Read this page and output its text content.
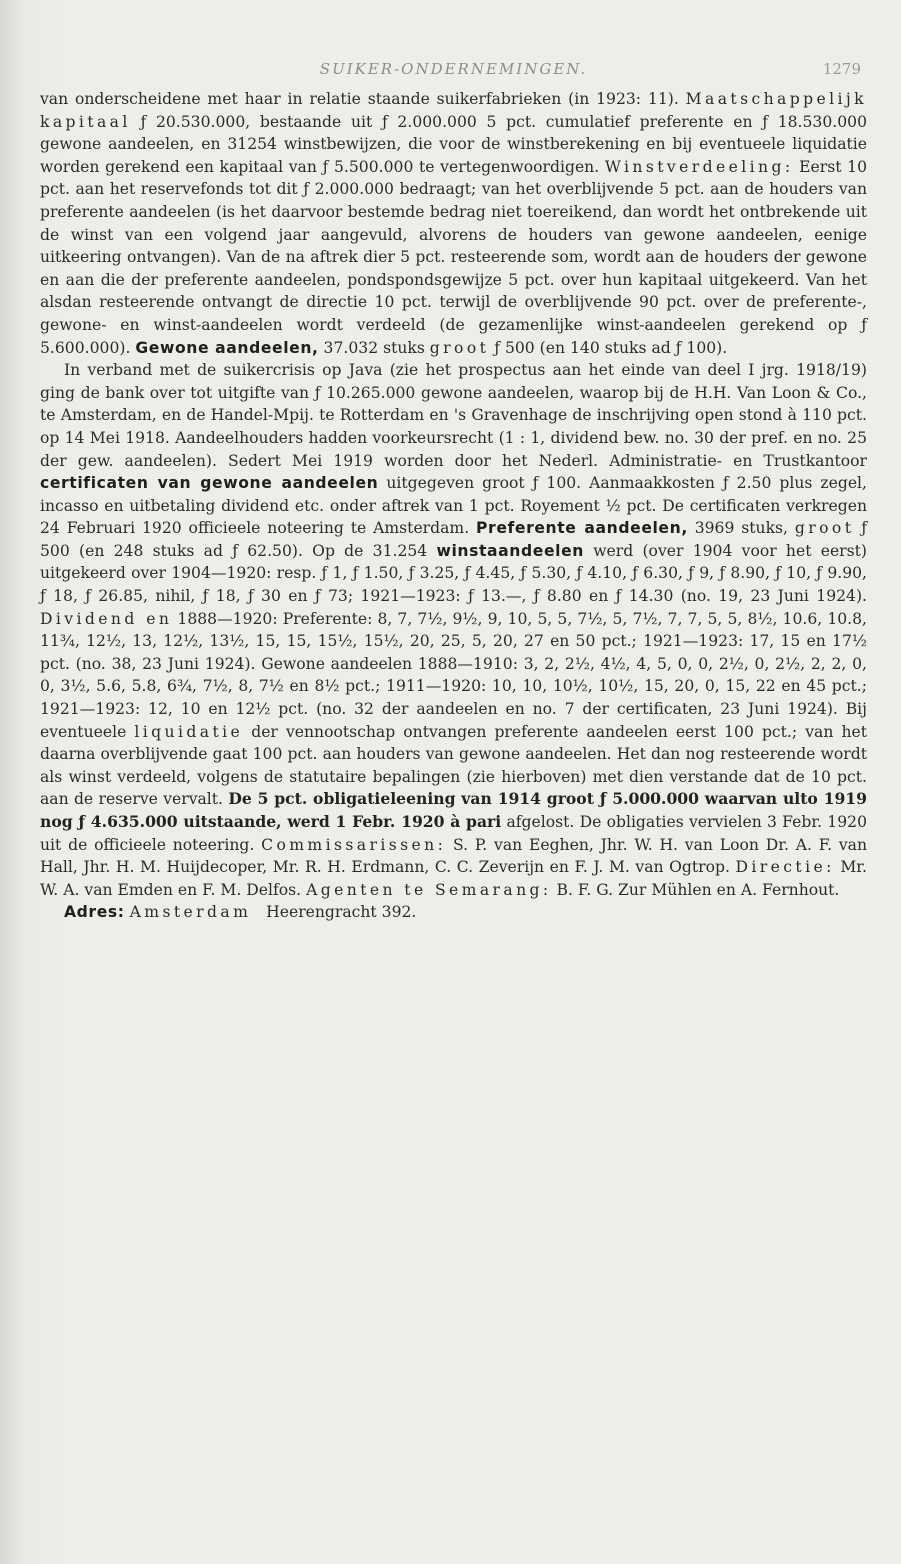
SUIKER-ONDERNEMINGEN.	1279

van onderscheidene met haar in relatie staande suikerfabrieken (in 1923: 11). Maatschappelijk kapitaal ƒ 20.530.000, bestaande uit ƒ 2.000.000 5 pct. cumulatief preferente en ƒ 18.530.000 gewone aandeelen, en 31254 winstbewijzen, die voor de winstberekening en bij eventueele liquidatie worden gerekend een kapitaal van ƒ 5.500.000 te vertegenwoordigen. Winstverdeeling: Eerst 10 pct. aan het reservefonds tot dit ƒ 2.000.000 bedraagt; van het overblijvende 5 pct. aan de houders van preferente aandeelen (is het daarvoor bestemde bedrag niet toereikend, dan wordt het ontbrekende uit de winst van een volgend jaar aangevuld, alvorens de houders van gewone aandeelen, eenige uitkeering ontvangen). Van de na aftrek dier 5 pct. resteerende som, wordt aan de houders der gewone en aan die der preferente aandeelen, pondspondsgewijze 5 pct. over hun kapitaal uitgekeerd. Van het alsdan resteerende ontvangt de directie 10 pct. terwijl de overblijvende 90 pct. over de preferente-, gewone- en winst-aandeelen wordt verdeeld (de gezamenlijke winst-aandeelen gerekend op ƒ 5.600.000). Gewone aandeelen, 37.032 stuks groot ƒ 500 (en 140 stuks ad ƒ 100).

In verband met de suikercrisis op Java (zie het prospectus aan het einde van deel I jrg. 1918/19) ging de bank over tot uitgifte van ƒ 10.265.000 gewone aandeelen, waarop bij de H.H. Van Loon & Co., te Amsterdam, en de Handel-Mpij. te Rotterdam en 's Gravenhage de inschrijving open stond à 110 pct. op 14 Mei 1918. Aandeelhouders hadden voorkeursrecht (1 : 1, dividend bew. no. 30 der pref. en no. 25 der gew. aandeelen). Sedert Mei 1919 worden door het Nederl. Administratie- en Trustkantoor certificaten van gewone aandeelen uitgegeven groot ƒ 100. Aanmaakkosten ƒ 2.50 plus zegel, incasso en uitbetaling dividend etc. onder aftrek van 1 pct. Royement ½ pct. De certificaten verkregen 24 Februari 1920 officieele noteering te Amsterdam. Preferente aandeelen, 3969 stuks, groot ƒ 500 (en 248 stuks ad ƒ 62.50). Op de 31.254 winstaandeelen werd (over 1904 voor het eerst) uitgekeerd over 1904—1920: resp. ƒ 1, ƒ 1.50, ƒ 3.25, ƒ 4.45, ƒ 5.30, ƒ 4.10, ƒ 6.30, ƒ 9, ƒ 8.90, ƒ 10, ƒ 9.90, ƒ 18, ƒ 26.85, nihil, ƒ 18, ƒ 30 en ƒ 73; 1921—1923: ƒ 13.—, ƒ 8.80 en ƒ 14.30 (no. 19, 23 Juni 1924). Dividend en 1888—1920: Preferente: 8, 7, 7½, 9½, 9, 10, 5, 5, 7½, 5, 7½, 7, 7, 5, 5, 8½, 10.6, 10.8, 11¾, 12½, 13, 12½, 13½, 15, 15, 15½, 15½, 20, 25, 5, 20, 27 en 50 pct.; 1921—1923: 17, 15 en 17½ pct. (no. 38, 23 Juni 1924). Gewone aandeelen 1888—1910: 3, 2, 2½, 4½, 4, 5, 0, 0, 2½, 0, 2½, 2, 2, 0, 0, 3½, 5.6, 5.8, 6¾, 7½, 8, 7½ en 8½ pct.; 1911—1920: 10, 10, 10½, 10½, 15, 20, 0, 15, 22 en 45 pct.; 1921—1923: 12, 10 en 12½ pct. (no. 32 der aandeelen en no. 7 der certificaten, 23 Juni 1924). Bij eventueele liquidatie der vennootschap ontvangen preferente aandeelen eerst 100 pct.; van het daarna overblijvende gaat 100 pct. aan houders van gewone aandeelen. Het dan nog resteerende wordt als winst verdeeld, volgens de statutaire bepalingen (zie hierboven) met dien verstande dat de 10 pct. aan de reserve vervalt. De 5 pct. obligatieleening van 1914 groot ƒ 5.000.000 waarvan ulto 1919 nog ƒ 4.635.000 uitstaande, werd 1 Febr. 1920 à pari afgelost. De obligaties vervielen 3 Febr. 1920 uit de officieele noteering. Commissarissen: S. P. van Eeghen, Jhr. W. H. van Loon Dr. A. F. van Hall, Jhr. H. M. Huijdecoper, Mr. R. H. Erdmann, C. C. Zeverijn en F. J. M. van Ogtrop. Directie: Mr. W. A. van Emden en F. M. Delfos. Agenten te Semarang: B. F. G. Zur Mühlen en A. Fernhout.

Adres: Amsterdam Heerengracht 392.
